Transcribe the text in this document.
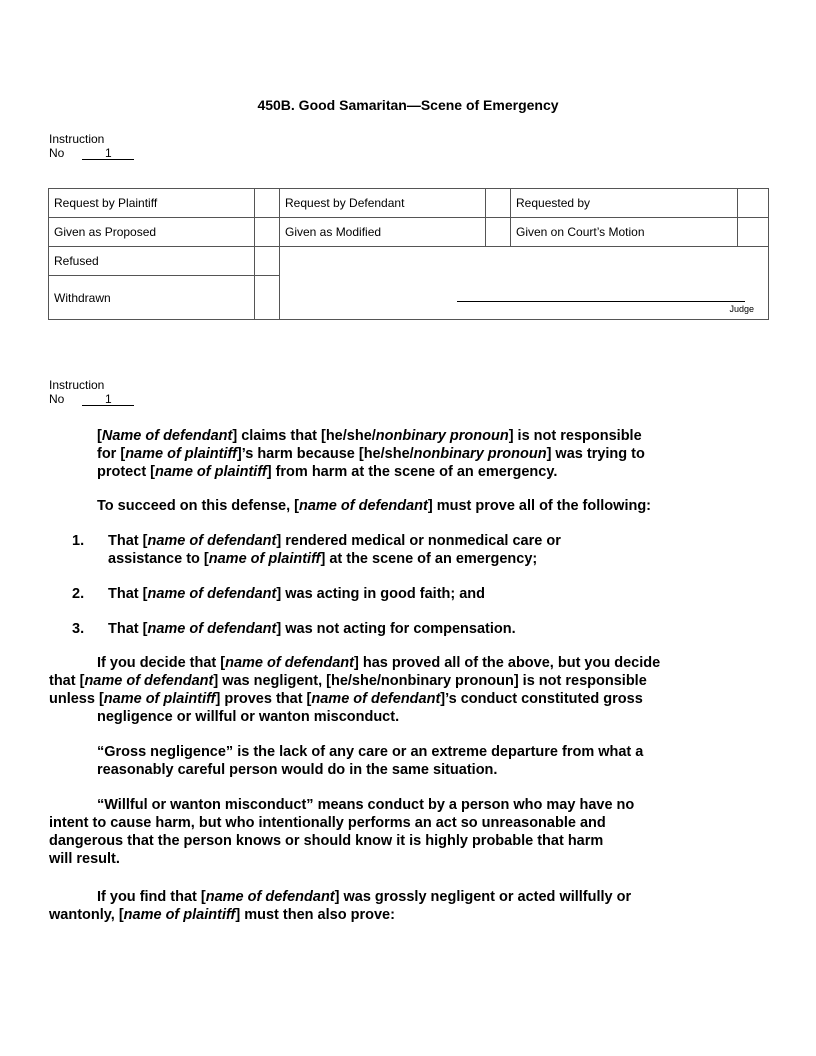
450B. Good Samaritan—Scene of Emergency
Instruction
No	1
Request by Plaintiff		Request by Defendant		Requested by	
Given as Proposed		Given as Modified		Given on Court’s Motion	
Refused		Judge			

Withdrawn					
Instruction
No	1

[Name of defendant] claims that [he/she/nonbinary pronoun] is not responsible

for [name of plaintiff]’s harm because [he/she/nonbinary pronoun] was trying to

protect [name of plaintiff] from harm at the scene of an emergency.

To succeed on this defense, [name of defendant] must prove all of the following:

1. That [name of defendant] rendered medical or nonmedical care or

assistance to [name of plaintiff] at the scene of an emergency;

2. That [name of defendant] was acting in good faith; and

3. That [name of defendant] was not acting for compensation.

If you decide that [name of defendant] has proved all of the above, but you decide

that [name of defendant] was negligent, [he/she/nonbinary pronoun] is not responsible

unless [name of plaintiff] proves that [name of defendant]’s conduct constituted gross

negligence or willful or wanton misconduct.

“Gross negligence” is the lack of any care or an extreme departure from what a

reasonably careful person would do in the same situation.

“Willful or wanton misconduct” means conduct by a person who may have no

intent to cause harm, but who intentionally performs an act so unreasonable and

dangerous that the person knows or should know it is highly probable that harm

will result.

If you find that [name of defendant] was grossly negligent or acted willfully or

wantonly, [name of plaintiff] must then also prove:
